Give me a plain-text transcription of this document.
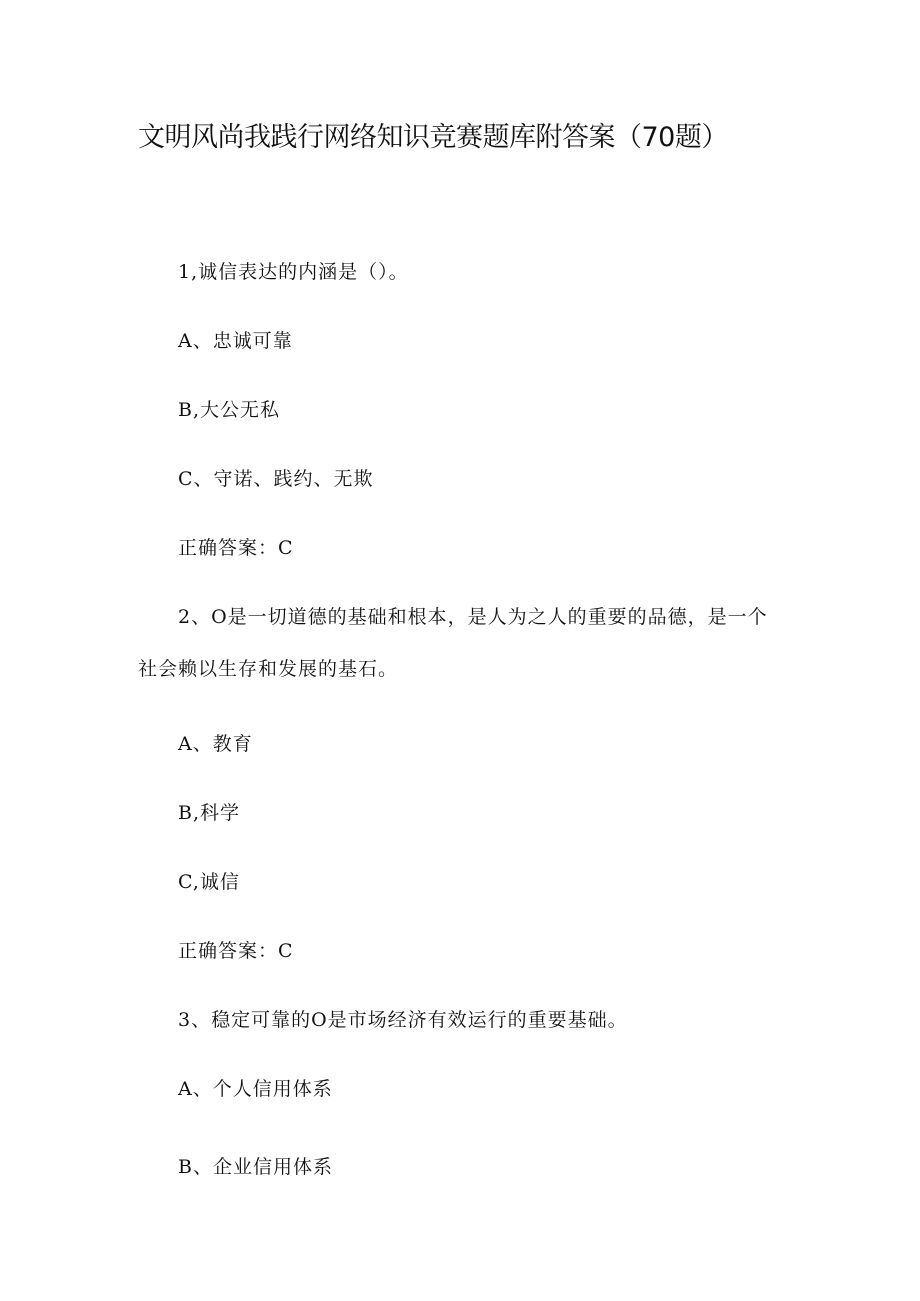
文明风尚我践行网络知识竞赛题库附答案（70题）

1,诚信表达的内涵是（）。

A、忠诚可靠

B,大公无私

C、守诺、践约、无欺

正确答案：C

2、O是一切道德的基础和根本，是人为之人的重要的品德，是一个

社会赖以生存和发展的基石。

A、教育

B,科学

C,诚信

正确答案：C

3、稳定可靠的O是市场经济有效运行的重要基础。

A、个人信用体系

B、企业信用体系
